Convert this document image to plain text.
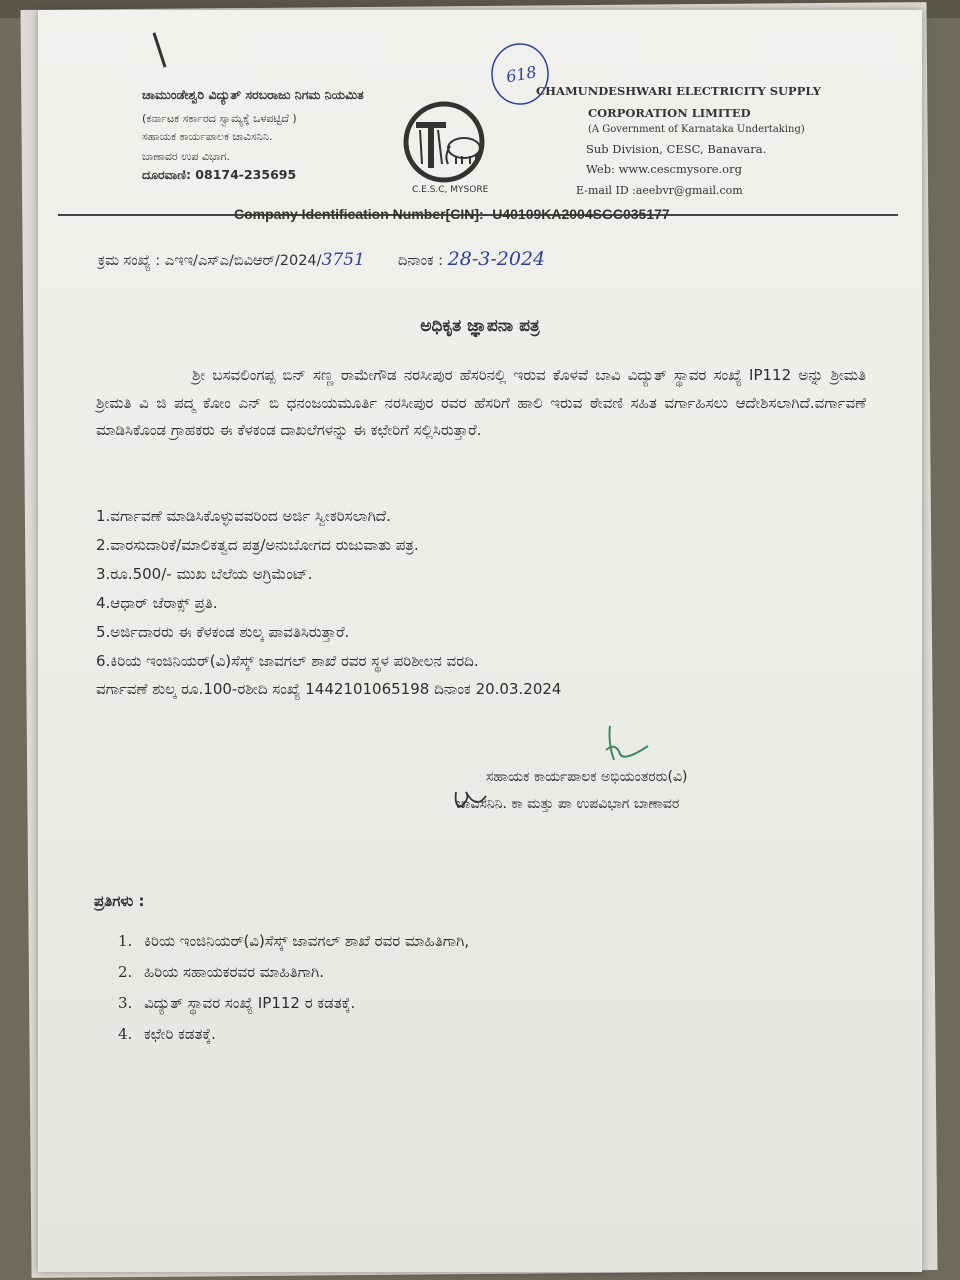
ಚಾಮುಂಡೇಶ್ವರಿ ವಿದ್ಯುತ್ ಸರಬರಾಜು ನಿಗಮ ನಿಯಮಿತ
(ಕರ್ನಾಟಕ ಸರ್ಕಾರದ ಸ್ವಾಮ್ಯಕ್ಕೆ ಒಳಪಟ್ಟಿದೆ )
ಸಹಾಯಕ ಕಾರ್ಯಪಾಲಕ ಚಾವಿಸನಿನಿ.
ಬಾಣಾವರ ಉಪ ವಿಭಾಗ.
ದೂರವಾಣಿ: 08174-235695
C.E.S.C, MYSORE
618
CHAMUNDESHWARI ELECTRICITY SUPPLY
CORPORATION LIMITED
(A Government of Karnataka Undertaking)
Sub Division, CESC, Banavara.
Web: www.cescmysore.org
E-mail ID :aeebvr@gmail.com
Company Identification Number[CIN]:- U40109KA2004SGC035177
ಕ್ರಮ ಸಂಖ್ಯೆ : ಎಇಇ/ಎಸ್ಎ/ಬಿವಿಆರ್/2024/3751 ದಿನಾಂಕ : 28-3-2024
ಅಧಿಕೃತ ಜ್ಞಾಪನಾ ಪತ್ರ
ಶ್ರೀ ಬಸವಲಿಂಗಪ್ಪ ಬಿನ್ ಸಣ್ಣ ರಾಮೇಗೌಡ ನರಸೀಪುರ ಹೆಸರಿನಲ್ಲಿ ಇರುವ ಕೊಳವೆ ಬಾವಿ ವಿದ್ಯುತ್ ಸ್ಥಾವರ ಸಂಖ್ಯೆ IP112 ಅನ್ನು ಶ್ರೀಮತಿ ಶ್ರೀಮತಿ ವಿ ಜಿ ಪದ್ಮ ಕೋಂ ಎನ್ ಬಿ ಧನಂಜಯಮೂರ್ತಿ ನರಸೀಪುರ ರವರ ಹೆಸರಿಗೆ ಹಾಲಿ ಇರುವ ಠೇವಣಿ ಸಹಿತ ವರ್ಗಾಹಿಸಲು ಆದೇಶಿಸಲಾಗಿದೆ.ವರ್ಗಾವಣೆ ಮಾಡಿಸಿಕೊಂಡ ಗ್ರಾಹಕರು ಈ ಕೆಳಕಂಡ ದಾಖಲೆಗಳನ್ನು ಈ ಕಛೇರಿಗೆ ಸಲ್ಲಿಸಿರುತ್ತಾರೆ.
1.ವರ್ಗಾವಣೆ ಮಾಡಿಸಿಕೊಳ್ಳುವವರಿಂದ ಅರ್ಜಿ ಸ್ವೀಕರಿಸಲಾಗಿದೆ.
2.ವಾರಸುದಾರಿಕೆ/ಮಾಲಿಕತ್ವದ ಪತ್ರ/ಅನುಬೋಗದ ರುಜುವಾತು ಪತ್ರ.
3.ರೂ.500/- ಮುಖ ಬೆಲೆಯ ಅಗ್ರಿಮೆಂಟ್.
4.ಆಧಾರ್ ಜೆರಾಕ್ಸ್ ಪ್ರತಿ.
5.ಅರ್ಜಿದಾರರು ಈ ಕೆಳಕಂಡ ಶುಲ್ಕ ಪಾವತಿಸಿರುತ್ತಾರೆ.
6.ಕಿರಿಯ ಇಂಜಿನಿಯರ್(ವಿ)ಸೆಸ್ಕ್ ಜಾವಗಲ್ ಶಾಖೆ ರವರ ಸ್ಥಳ ಪರಿಶೀಲನ ವರದಿ.
ವರ್ಗಾವಣೆ ಶುಲ್ಕ ರೂ.100-ರಶೀದಿ ಸಂಖ್ಯೆ 1442101065198 ದಿನಾಂಕ 20.03.2024
ಸಹಾಯಕ ಕಾರ್ಯಪಾಲಕ ಅಭಿಯಂತರರು(ವಿ)
ಚಾವಿಸನಿನಿ. ಕಾ ಮತ್ತು ಪಾ ಉಪವಿಭಾಗ ಬಾಣಾವರ
ಪ್ರತಿಗಳು :
1. ಕಿರಿಯ ಇಂಜಿನಿಯರ್(ವಿ)ಸೆಸ್ಕ್ ಜಾವಗಲ್ ಶಾಖೆ ರವರ ಮಾಹಿತಿಗಾಗಿ,
2. ಹಿರಿಯ ಸಹಾಯಕರವರ ಮಾಹಿತಿಗಾಗಿ.
3. ವಿದ್ಯುತ್ ಸ್ಥಾವರ ಸಂಖ್ಯೆ IP112 ರ ಕಡತಕ್ಕೆ.
4. ಕಛೇರಿ ಕಡತಕ್ಕೆ.
